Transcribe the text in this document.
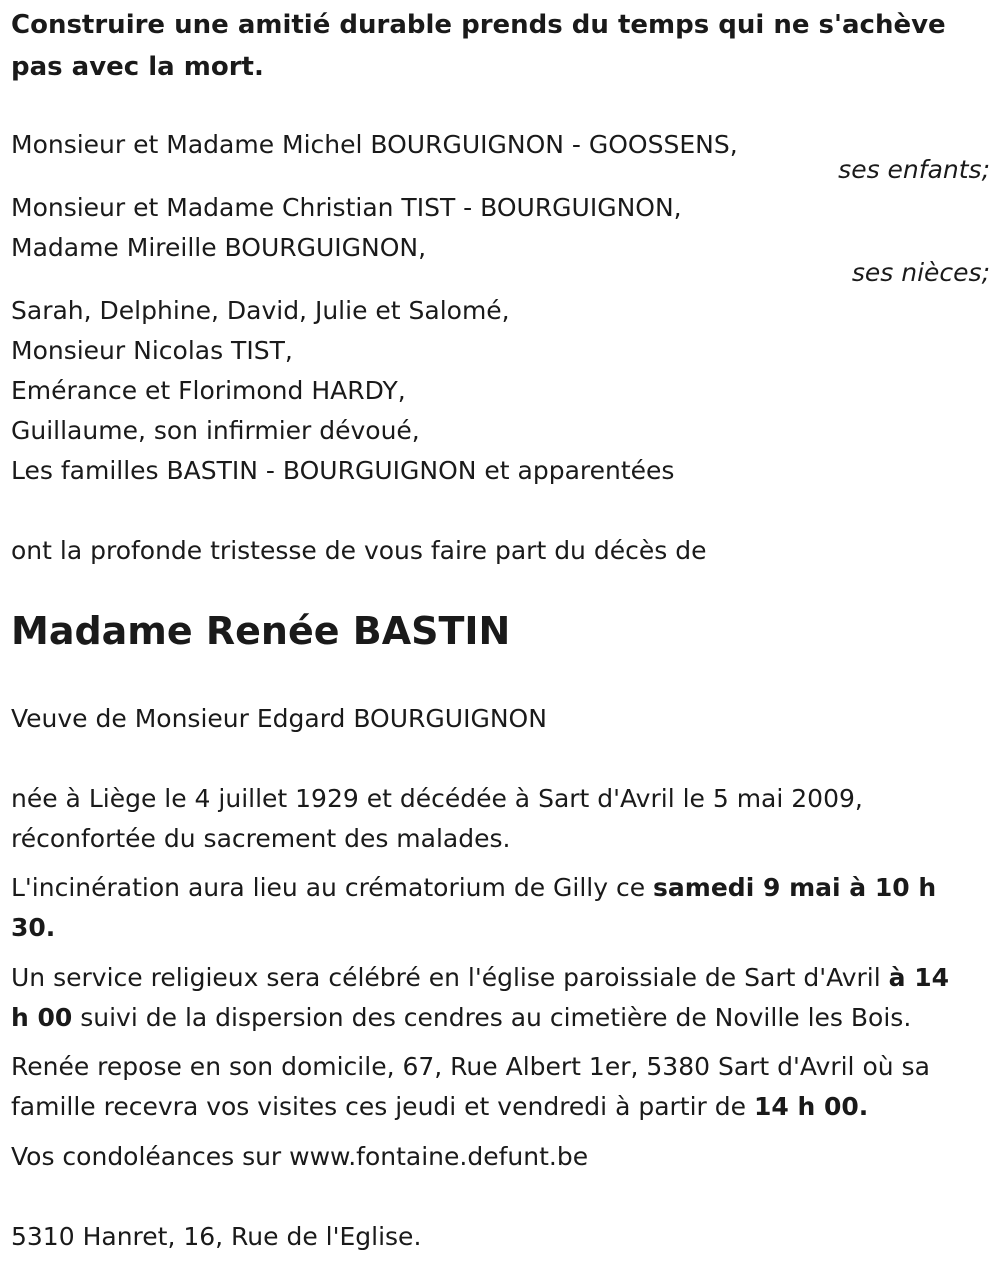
Construire une amitié durable prends du temps qui ne s'achève pas avec la mort.
Monsieur et Madame Michel BOURGUIGNON - GOOSSENS,
ses enfants;
Monsieur et Madame Christian TIST - BOURGUIGNON,
Madame Mireille BOURGUIGNON,
ses nièces;
Sarah, Delphine, David, Julie et Salomé,
Monsieur Nicolas TIST,
Emérance et Florimond HARDY,
Guillaume, son infirmier dévoué,
Les familles BASTIN - BOURGUIGNON et apparentées
ont la profonde tristesse de vous faire part du décès de
Madame Renée BASTIN
Veuve de Monsieur Edgard BOURGUIGNON
née à Liège le 4 juillet 1929 et décédée à Sart d'Avril le 5 mai 2009,
réconfortée du sacrement des malades.
L'incinération aura lieu au crématorium de Gilly ce samedi 9 mai à 10 h
30.
Un service religieux sera célébré en l'église paroissiale de Sart d'Avril à 14
h 00 suivi de la dispersion des cendres au cimetière de Noville les Bois.
Renée repose en son domicile, 67, Rue Albert 1er, 5380 Sart d'Avril où sa
famille recevra vos visites ces jeudi et vendredi à partir de 14 h 00.
Vos condoléances sur www.fontaine.defunt.be
5310 Hanret, 16, Rue de l'Eglise.
